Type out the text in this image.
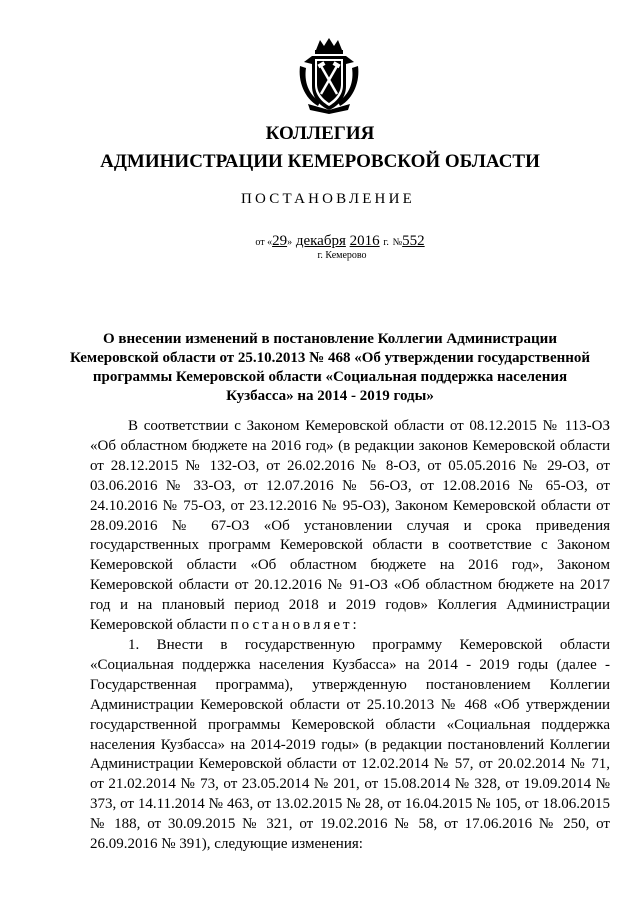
КОЛЛЕГИЯ
АДМИНИСТРАЦИИ КЕМЕРОВСКОЙ ОБЛАСТИ
ПОСТАНОВЛЕНИЕ
от «29» декабря 2016 г. №552
г. Кемерово
О внесении изменений в постановление Коллегии Администрации Кемеровской области от 25.10.2013 № 468 «Об утверждении государственной программы Кемеровской области «Социальная поддержка населения Кузбасса» на 2014 - 2019 годы»

В соответствии с Законом Кемеровской области от 08.12.2015 № 113-ОЗ «Об областном бюджете на 2016 год» (в редакции законов Кемеровской области от 28.12.2015 № 132-ОЗ, от 26.02.2016 № 8-ОЗ, от 05.05.2016 № 29-ОЗ, от 03.06.2016 № 33-ОЗ, от 12.07.2016 № 56-ОЗ, от 12.08.2016 № 65-ОЗ, от 24.10.2016 № 75-ОЗ, от 23.12.2016 № 95-ОЗ), Законом Кемеровской области от 28.09.2016 № 67-ОЗ «Об установлении случая и срока приведения государственных программ Кемеровской области в соответствие с Законом Кемеровской области «Об областном бюджете на 2016 год», Законом Кемеровской области от 20.12.2016 № 91-ОЗ «Об областном бюджете на 2017 год и на плановый период 2018 и 2019 годов» Коллегия Администрации Кемеровской области постановляет:

1. Внести в государственную программу Кемеровской области «Социальная поддержка населения Кузбасса» на 2014 - 2019 годы (далее - Государственная программа), утвержденную постановлением Коллегии Администрации Кемеровской области от 25.10.2013 № 468 «Об утверждении государственной программы Кемеровской области «Социальная поддержка населения Кузбасса» на 2014-2019 годы» (в редакции постановлений Коллегии Администрации Кемеровской области от 12.02.2014 № 57, от 20.02.2014 № 71, от 21.02.2014 № 73, от 23.05.2014 № 201, от 15.08.2014 № 328, от 19.09.2014 № 373, от 14.11.2014 № 463, от 13.02.2015 № 28, от 16.04.2015 № 105, от 18.06.2015 № 188, от 30.09.2015 № 321, от 19.02.2016 № 58, от 17.06.2016 № 250, от 26.09.2016 № 391), следующие изменения:
